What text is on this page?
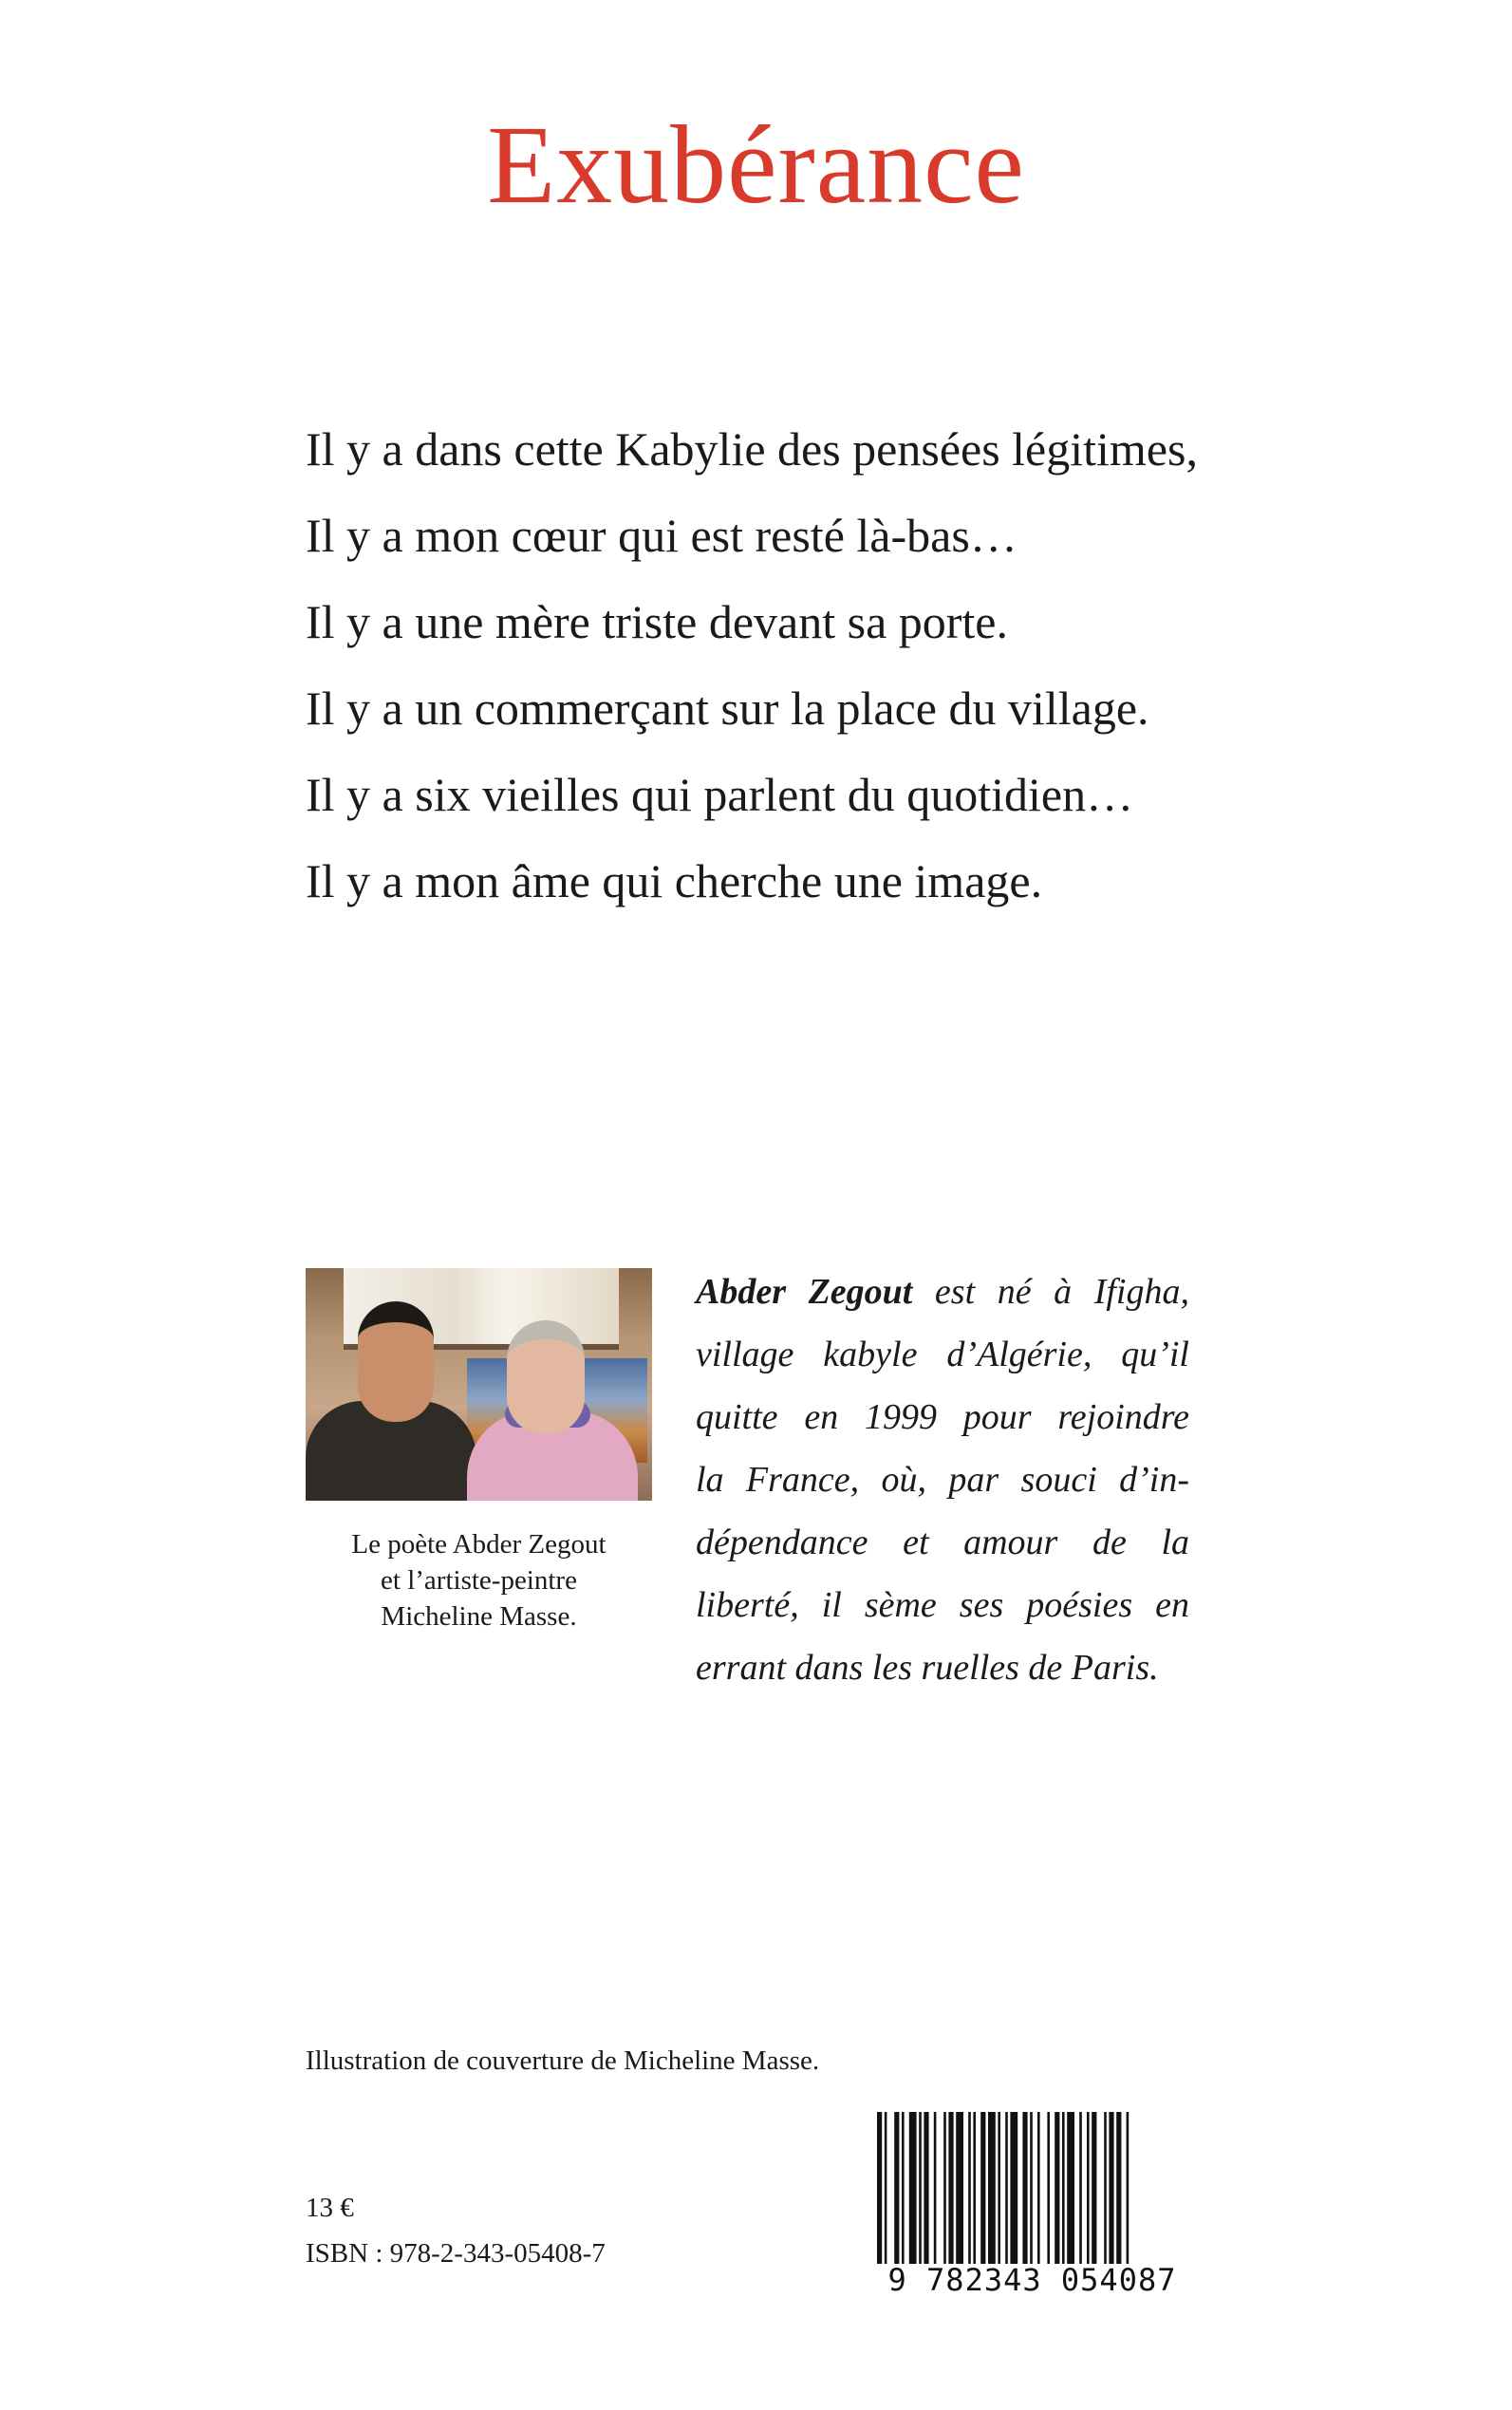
Exubérance
Il y a dans cette Kabylie des pensées légitimes,
Il y a mon cœur qui est resté là-bas…
Il y a une mère triste devant sa porte.
Il y a un commerçant sur la place du village.
Il y a six vieilles qui parlent du quotidien…
Il y a mon âme qui cherche une image.
Le poète Abder Zegout
et l’artiste-peintre
Micheline Masse.
Abder Zegout est né à Ifigha,
village kabyle d’Algérie, qu’il
quitte en 1999 pour rejoindre
la France, où, par souci d’in-
dépendance et amour de la
liberté, il sème ses poésies en
errant dans les ruelles de Paris.
Illustration de couverture de Micheline Masse.
13 €
ISBN : 978-2-343-05408-7
9 782343 054087
